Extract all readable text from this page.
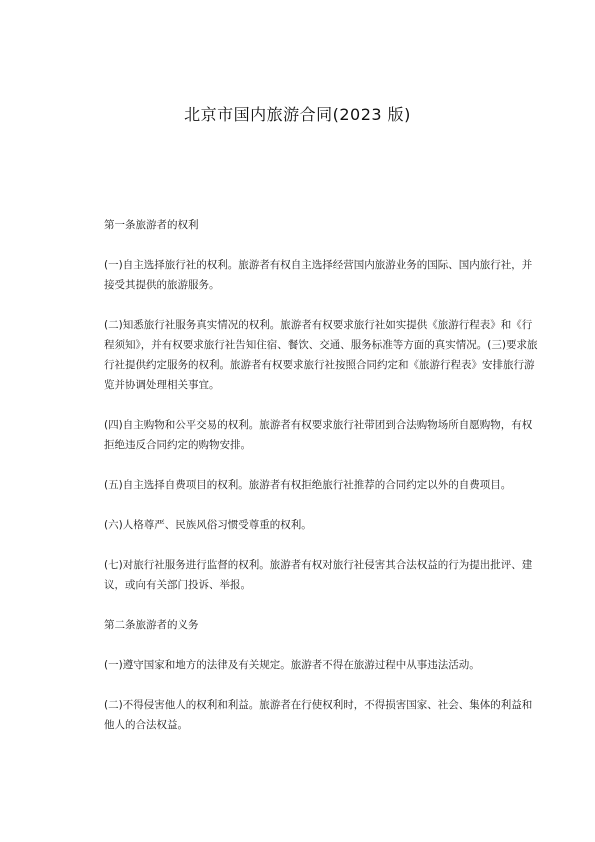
北京市国内旅游合同(2023 版)

第一条旅游者的权利

(一)自主选择旅行社的权利。旅游者有权自主选择经营国内旅游业务的国际、国内旅行社，并接受其提供的旅游服务。

(二)知悉旅行社服务真实情况的权利。旅游者有权要求旅行社如实提供《旅游行程表》和《行程须知》，并有权要求旅行社告知住宿、餐饮、交通、服务标准等方面的真实情况。(三)要求旅行社提供约定服务的权利。旅游者有权要求旅行社按照合同约定和《旅游行程表》安排旅行游览并协调处理相关事宜。

(四)自主购物和公平交易的权利。旅游者有权要求旅行社带团到合法购物场所自愿购物，有权拒绝违反合同约定的购物安排。

(五)自主选择自费项目的权利。旅游者有权拒绝旅行社推荐的合同约定以外的自费项目。

(六)人格尊严、民族风俗习惯受尊重的权利。

(七)对旅行社服务进行监督的权利。旅游者有权对旅行社侵害其合法权益的行为提出批评、建议，或向有关部门投诉、举报。

第二条旅游者的义务

(一)遵守国家和地方的法律及有关规定。旅游者不得在旅游过程中从事违法活动。

(二)不得侵害他人的权利和利益。旅游者在行使权利时，不得损害国家、社会、集体的利益和他人的合法权益。
